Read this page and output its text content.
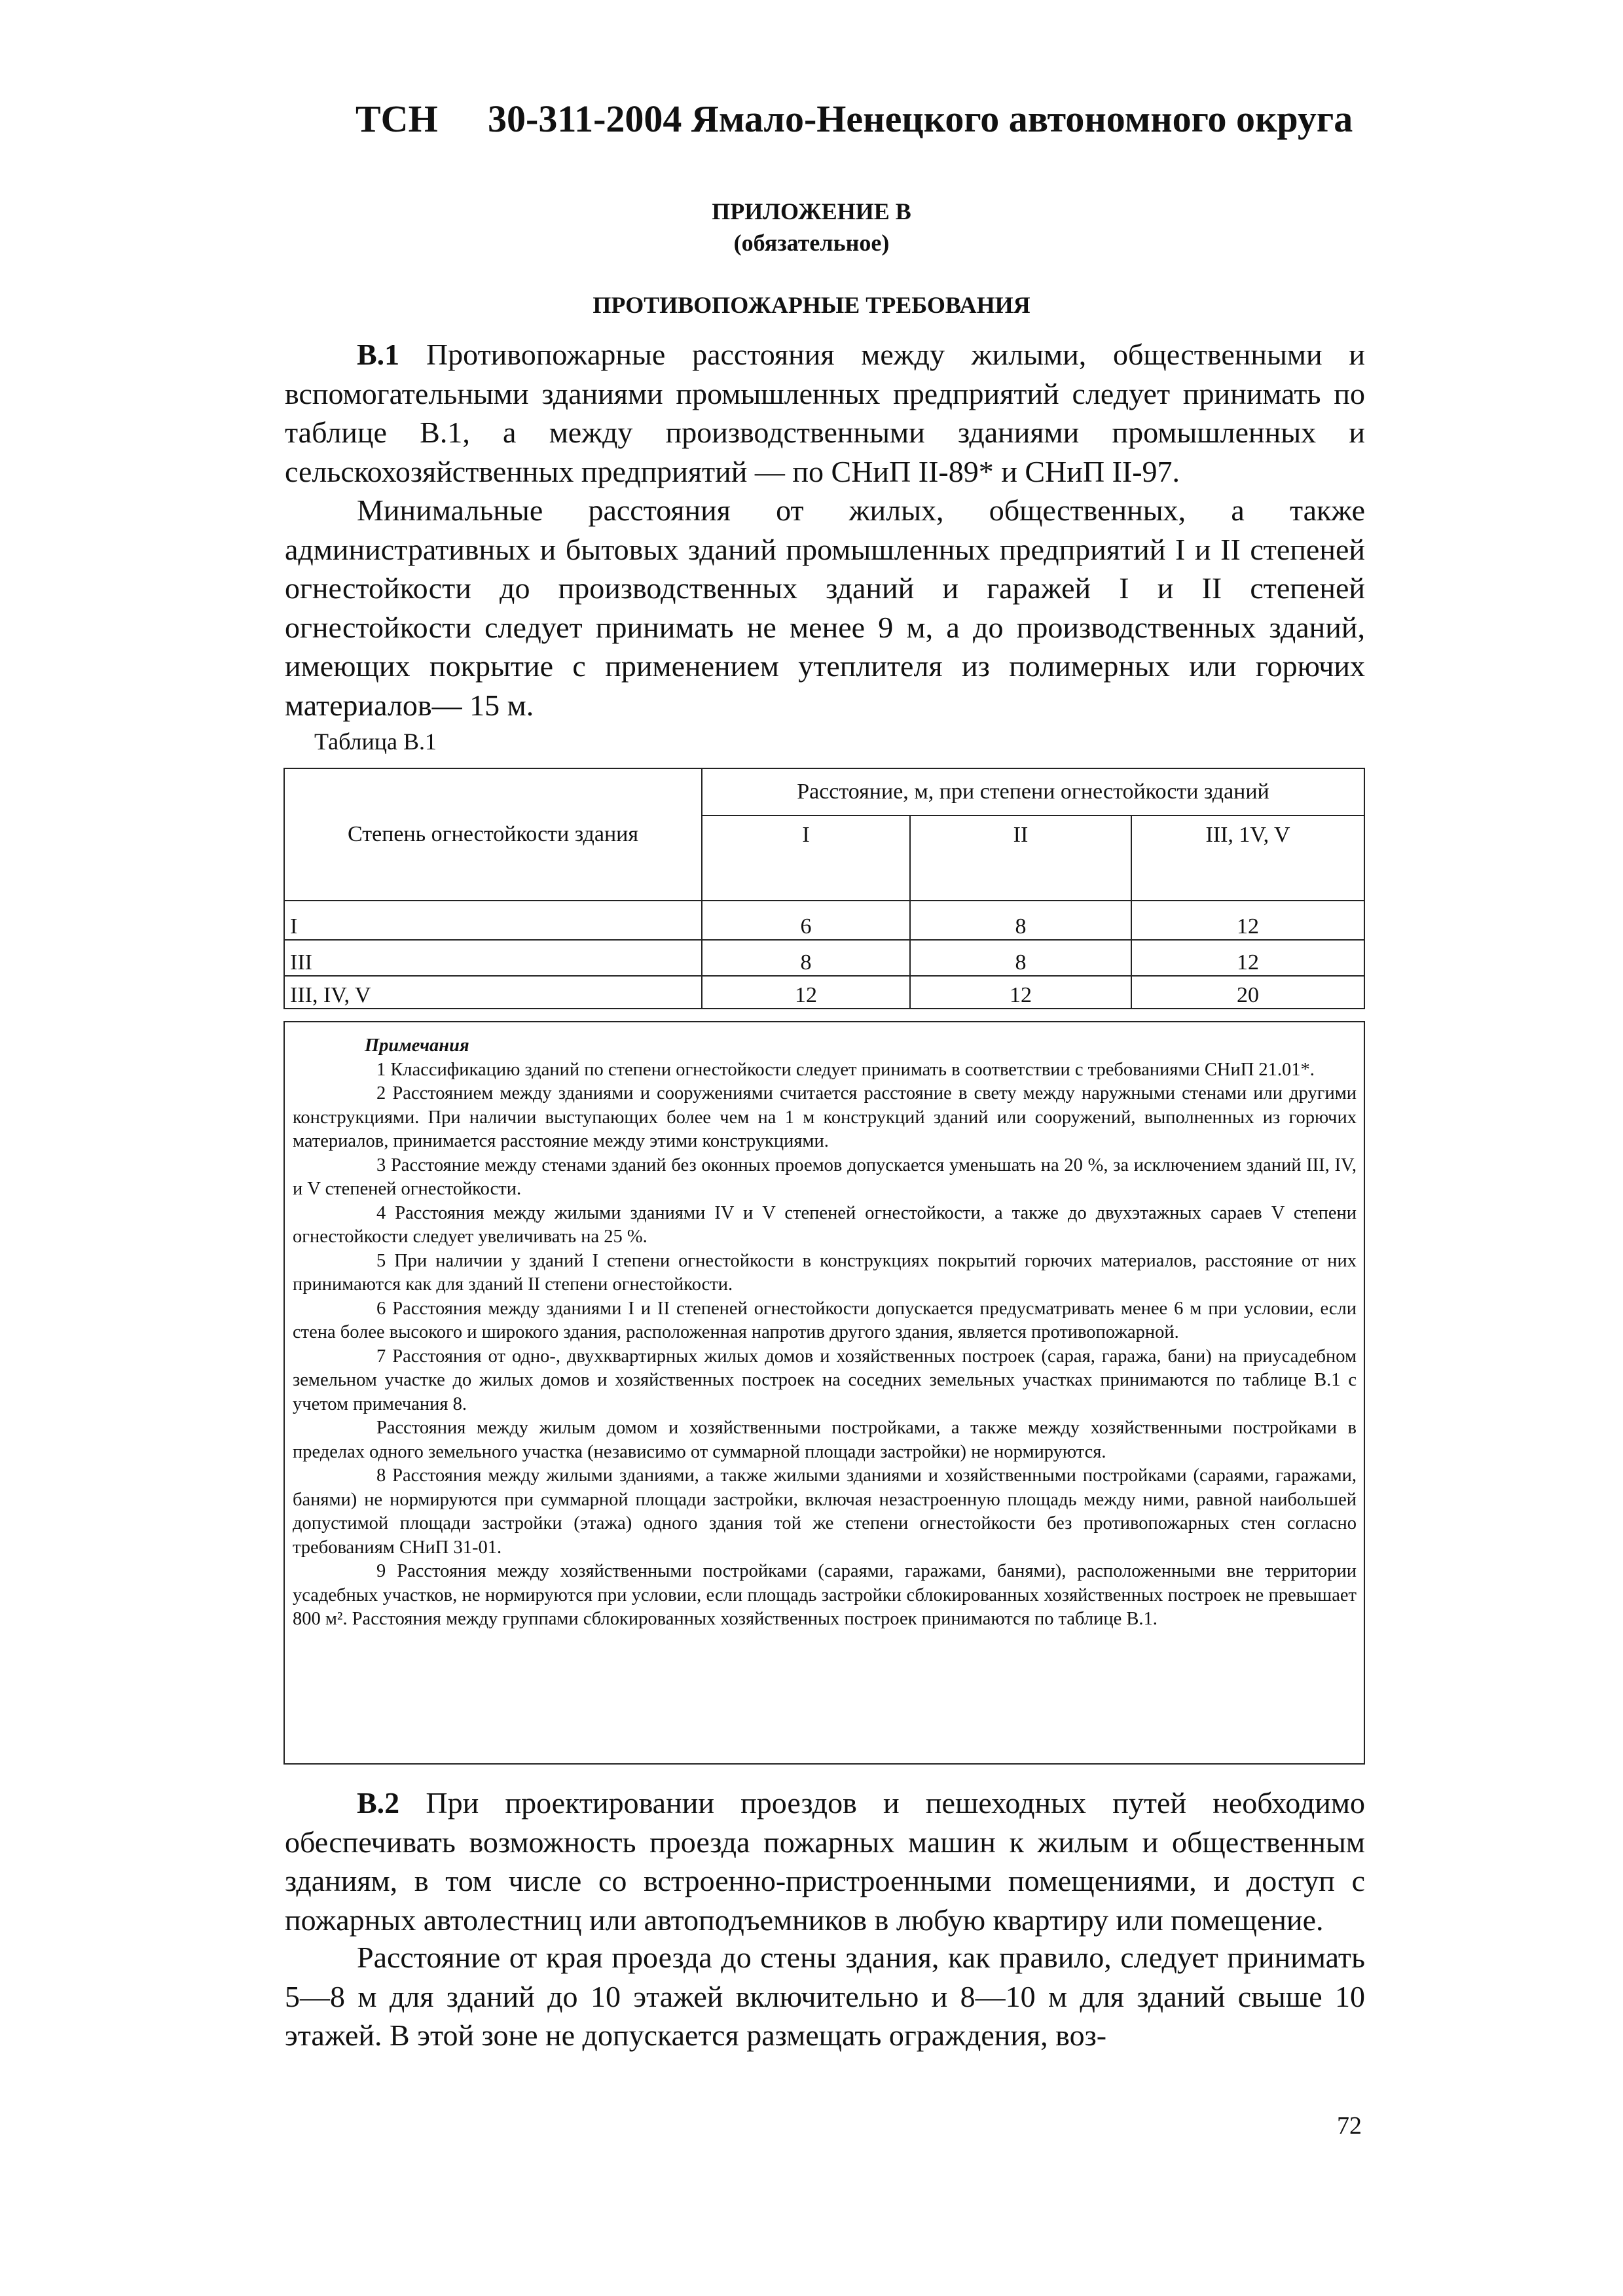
ТСН 30-311-2004 Ямало-Ненецкого автономного округа
ПРИЛОЖЕНИЕ В
(обязательное)
ПРОТИВОПОЖАРНЫЕ ТРЕБОВАНИЯ

В.1 Противопожарные расстояния между жилыми, общественными и вспомогательными зданиями промышленных предприятий следует принимать по таблице В.1, а между производственными зданиями промышленных и сельскохозяйственных предприятий — по СНиП II-89* и СНиП II-97.

Минимальные расстояния от жилых, общественных, а также административных и бытовых зданий промышленных предприятий I и II степеней огнестойкости до производственных зданий и гаражей I и II степеней огнестойкости следует принимать не менее 9 м, а до производственных зданий, имеющих покрытие с применением утеплителя из полимерных или горючих материалов— 15 м.

Таблица В.1
Степень огнестойкости здания	Расстояние, м, при степени огнестойкости зданий		
	I	II	III, 1V, V
I	6	8	12
III	8	8	12
III, IV, V	12	12	20

Примечания

1 Классификацию зданий по степени огнестойкости следует принимать в соответствии с требованиями СНиП 21.01*.

2 Расстоянием между зданиями и сооружениями считается расстояние в свету между наружными стенами или другими конструкциями. При наличии выступающих более чем на 1 м конструкций зданий или сооружений, выполненных из горючих материалов, принимается расстояние между этими конструкциями.

3 Расстояние между стенами зданий без оконных проемов допускается уменьшать на 20 %, за исключением зданий III, IV, и V степеней огнестойкости.

4 Расстояния между жилыми зданиями IV и V степеней огнестойкости, а также до двухэтажных сараев V степени огнестойкости следует увеличивать на 25 %.

5 При наличии у зданий I степени огнестойкости в конструкциях покрытий горючих материалов, расстояние от них принимаются как для зданий II степени огнестойкости.

6 Расстояния между зданиями I и II степеней огнестойкости допускается предусматривать менее 6 м при условии, если стена более высокого и широкого здания, расположенная напротив другого здания, является противопожарной.

7 Расстояния от одно-, двухквартирных жилых домов и хозяйственных построек (сарая, гаража, бани) на приусадебном земельном участке до жилых домов и хозяйственных построек на соседних земельных участках принимаются по таблице В.1 с учетом примечания 8.

Расстояния между жилым домом и хозяйственными постройками, а также между хозяйственными постройками в пределах одного земельного участка (независимо от суммарной площади застройки) не нормируются.

8 Расстояния между жилыми зданиями, а также жилыми зданиями и хозяйственными постройками (сараями, гаражами, банями) не нормируются при суммарной площади застройки, включая незастроенную площадь между ними, равной наибольшей допустимой площади застройки (этажа) одного здания той же степени огнестойкости без противопожарных стен согласно требованиям СНиП 31-01.

9 Расстояния между хозяйственными постройками (сараями, гаражами, банями), расположенными вне территории усадебных участков, не нормируются при условии, если площадь застройки сблокированных хозяйственных построек не превышает 800 м². Расстояния между группами сблокированных хозяйственных построек принимаются по таблице В.1.

В.2 При проектировании проездов и пешеходных путей необходимо обеспечивать возможность проезда пожарных машин к жилым и общественным зданиям, в том числе со встроенно-пристроенными помещениями, и доступ с пожарных автолестниц или автоподъемников в любую квартиру или помещение.

Расстояние от края проезда до стены здания, как правило, следует принимать 5—8 м для зданий до 10 этажей включительно и 8—10 м для зданий свыше 10 этажей. В этой зоне не допускается размещать ограждения, воз-

72
